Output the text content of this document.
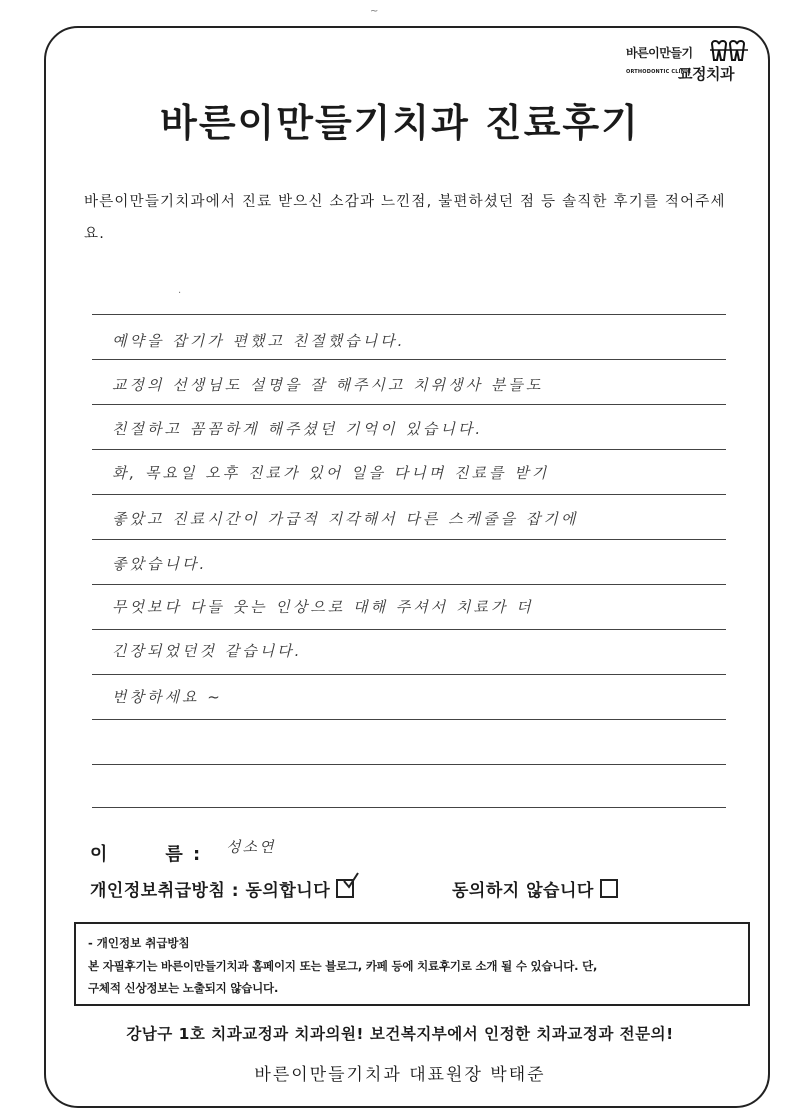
바른이만들기
ORTHODONTIC CLINIC
교정치과
바른이만들기치과 진료후기
바른이만들기치과에서 진료 받으신 소감과 느낀점, 불편하셨던 점 등 솔직한 후기를 적어주세요.
·
~
예약을 잡기가 편했고 친절했습니다.
교정의 선생님도 설명을 잘 해주시고 치위생사 분들도
친절하고 꼼꼼하게 해주셨던 기억이 있습니다.
화, 목요일 오후 진료가 있어 일을 다니며 진료를 받기
좋았고 진료시간이 가급적 지각해서 다른 스케줄을 잡기에
좋았습니다.
무엇보다 다들 웃는 인상으로 대해 주셔서 치료가 더
긴장되었던것 같습니다.
번창하세요 ~
이	름 : 성소연
개인정보취급방침 : 동의합니다	동의하지 않습니다
- 개인정보 취급방침
본 자필후기는 바른이만들기치과 홈페이지 또는 블로그, 카페 등에 치료후기로 소개 될 수 있습니다. 단,
구체적 신상정보는 노출되지 않습니다.
강남구 1호 치과교정과 치과의원! 보건복지부에서 인정한 치과교정과 전문의!
바른이만들기치과 대표원장 박태준
